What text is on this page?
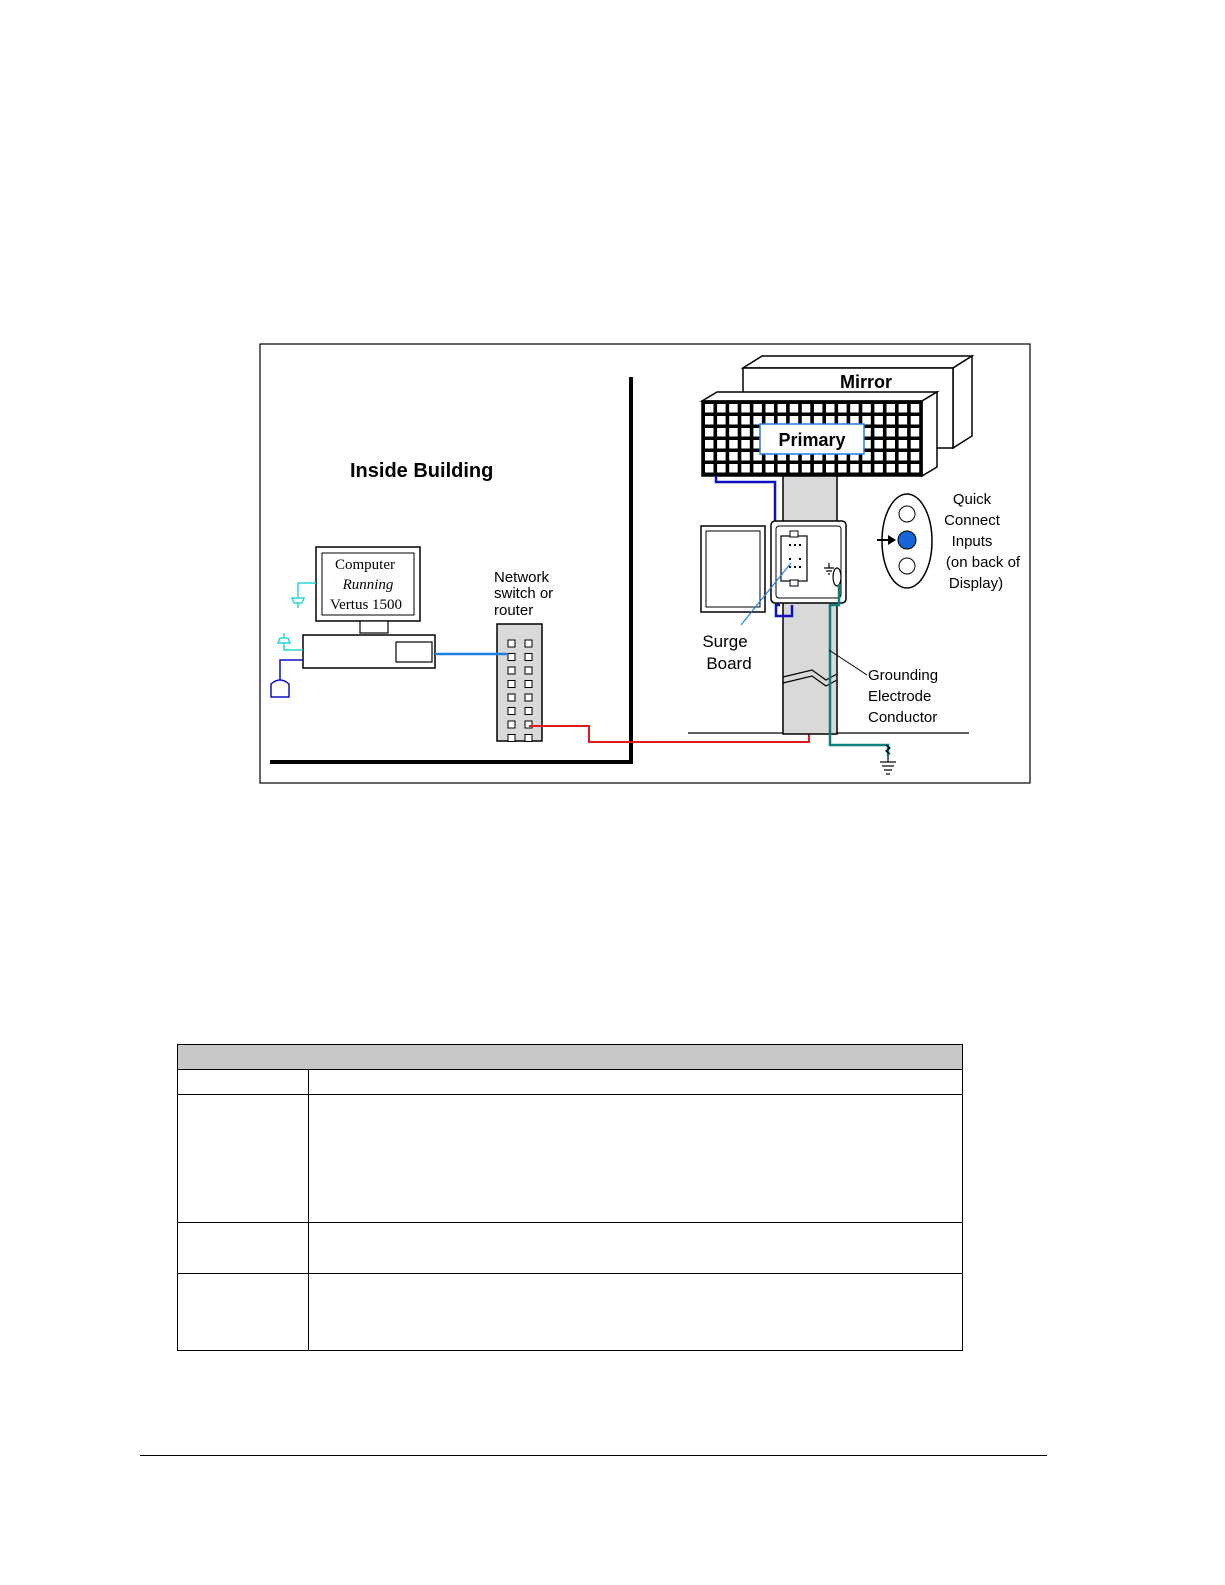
Inside Building
Computer
Running
Vertus 1500
Network
switch or
router
Mirror
Primary
Surge
Board
Grounding
Electrode
Conductor
Quick
Connect
Inputs
(on back of
Display)
